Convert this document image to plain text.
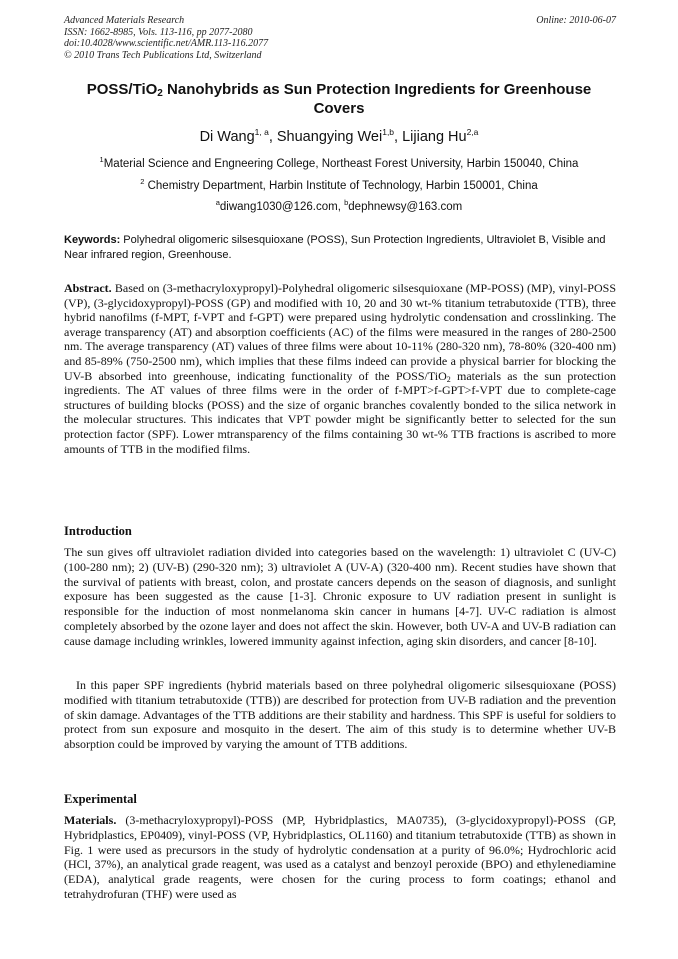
Advanced Materials Research
ISSN: 1662-8985, Vols. 113-116, pp 2077-2080
doi:10.4028/www.scientific.net/AMR.113-116.2077
© 2010 Trans Tech Publications Ltd, Switzerland
Online: 2010-06-07
POSS/TiO$_2$ Nanohybrids as Sun Protection Ingredients for Greenhouse Covers
Di Wang$^{1, a}$, Shuangying Wei$^{1,b}$, Lijiang Hu$^{2,a}$
$^1$Material Science and Engneering College, Northeast Forest University, Harbin 150040, China
$^2$ Chemistry Department, Harbin Institute of Technology, Harbin 150001, China
$^a$diwang1030@126.com, $^b$dephnewsy@163.com
Keywords: Polyhedral oligomeric silsesquioxane (POSS), Sun Protection Ingredients, Ultraviolet B, Visible and Near infrared region, Greenhouse.
Abstract. Based on (3-methacryloxypropyl)-Polyhedral oligomeric silsesquioxane (MP-POSS) (MP), vinyl-POSS (VP), (3-glycidoxypropyl)-POSS (GP) and modified with 10, 20 and 30 wt-% titanium tetrabutoxide (TTB), three hybrid nanofilms (f-MPT, f-VPT and f-GPT) were prepared using hydrolytic condensation and crosslinking. The average transparency (AT) and absorption coefficients (AC) of the films were measured in the ranges of 280-2500 nm. The average transparency (AT) values of three films were about 10-11% (280-320 nm), 78-80% (320-400 nm) and 85-89% (750-2500 nm), which implies that these films indeed can provide a physical barrier for blocking the UV-B absorbed into greenhouse, indicating functionality of the POSS/TiO$_2$ materials as the sun protection ingredients. The AT values of three films were in the order of f-MPT>f-GPT>f-VPT due to complete-cage structures of building blocks (POSS) and the size of organic branches covalently bonded to the silica network in the molecular structures. This indicates that VPT powder might be significantly better to selected for the sun protection factor (SPF). Lower mtransparency of the films containing 30 wt-% TTB fractions is ascribed to more amounts of TTB in the modified films.
Introduction
The sun gives off ultraviolet radiation divided into categories based on the wavelength: 1) ultraviolet C (UV-C) (100-280 nm); 2) (UV-B) (290-320 nm); 3) ultraviolet A (UV-A) (320-400 nm). Recent studies have shown that the survival of patients with breast, colon, and prostate cancers depends on the season of diagnosis, and sunlight exposure has been suggested as the cause [1-3]. Chronic exposure to UV radiation present in sunlight is responsible for the induction of most nonmelanoma skin cancer in humans [4-7]. UV-C radiation is almost completely absorbed by the ozone layer and does not affect the skin. However, both UV-A and UV-B radiation can cause damage including wrinkles, lowered immunity against infection, aging skin disorders, and cancer [8-10].
In this paper SPF ingredients (hybrid materials based on three polyhedral oligomeric silsesquioxane (POSS) modified with titanium tetrabutoxide (TTB)) are described for protection from UV-B radiation and the prevention of skin damage. Advantages of the TTB additions are their stability and hardness. This SPF is useful for soldiers to protect from sun exposure and mosquito in the desert. The aim of this study is to determine whether UV-B absorption could be improved by varying the amount of TTB additions.
Experimental
Materials. (3-methacryloxypropyl)-POSS (MP, Hybridplastics, MA0735), (3-glycidoxypropyl)-POSS (GP, Hybridplastics, EP0409), vinyl-POSS (VP, Hybridplastics, OL1160) and titanium tetrabutoxide (TTB) as shown in Fig. 1 were used as precursors in the study of hydrolytic condensation at a purity of 96.0%; Hydrochloric acid (HCl, 37%), an analytical grade reagent, was used as a catalyst and benzoyl peroxide (BPO) and ethylenediamine (EDA), analytical grade reagents, were chosen for the curing process to form coatings; ethanol and tetrahydrofuran (THF) were used as
